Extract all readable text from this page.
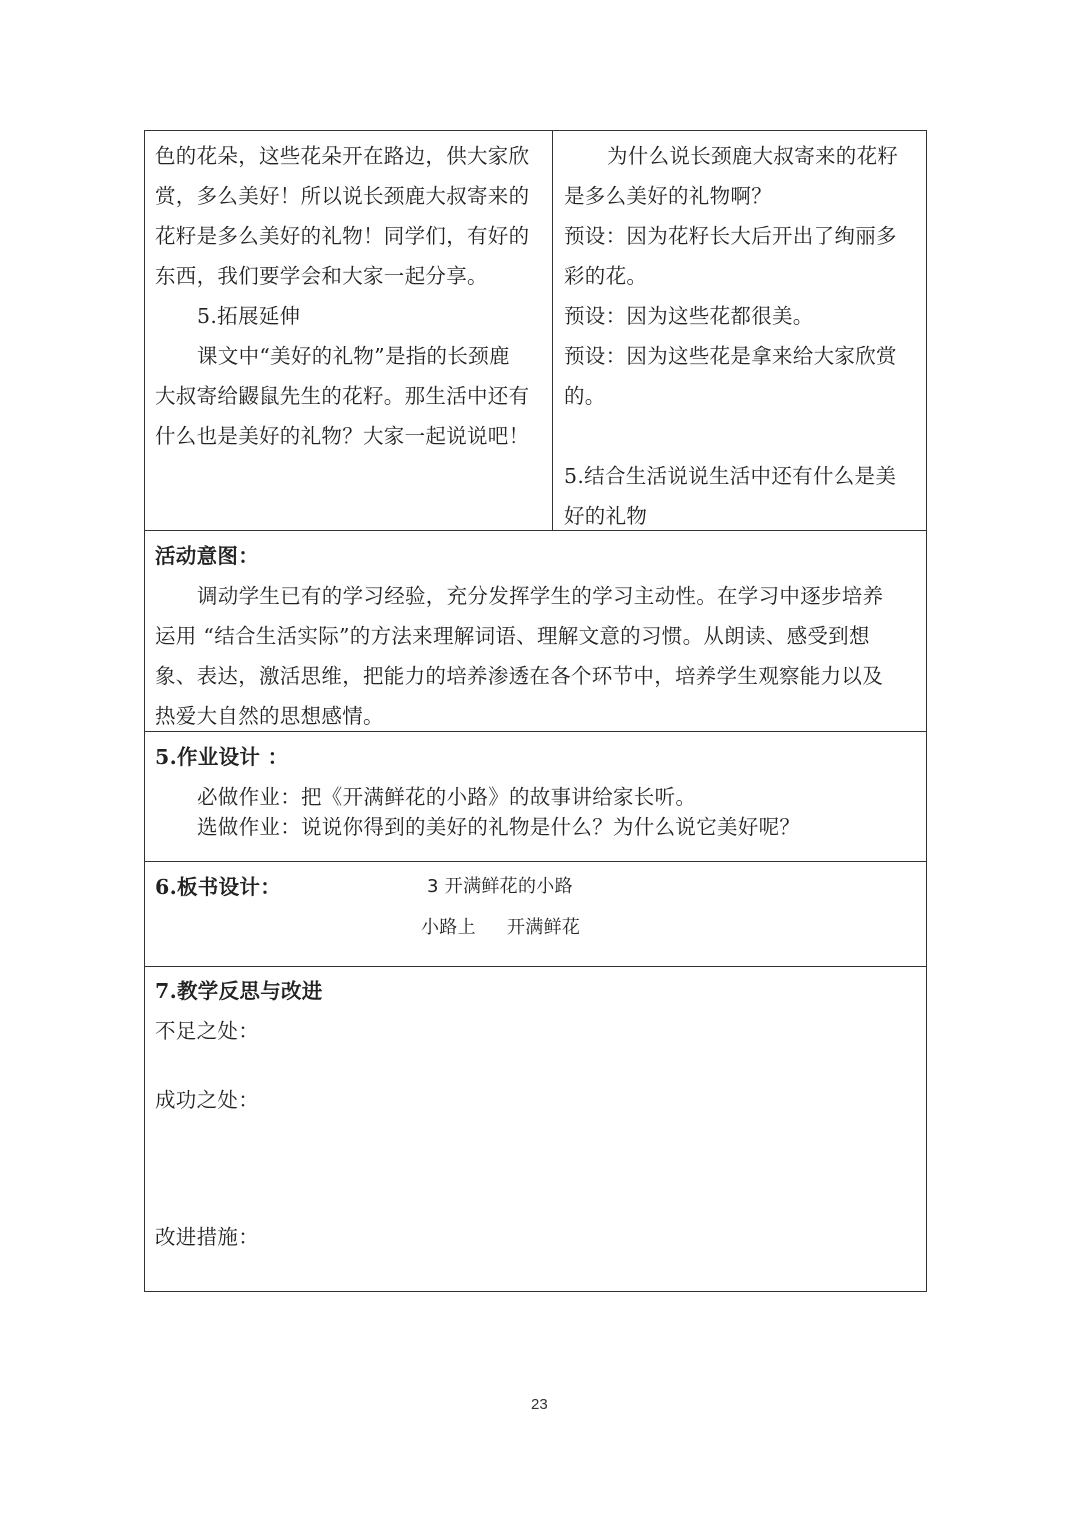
色的花朵，这些花朵开在路边，供大家欣
赏，多么美好！所以说长颈鹿大叔寄来的
花籽是多么美好的礼物！同学们，有好的
东西，我们要学会和大家一起分享。
5.拓展延伸
课文中“美好的礼物”是指的长颈鹿
大叔寄给鼹鼠先生的花籽。那生活中还有
什么也是美好的礼物？大家一起说说吧！
为什么说长颈鹿大叔寄来的花籽
是多么美好的礼物啊？
预设：因为花籽长大后开出了绚丽多
彩的花。
预设：因为这些花都很美。
预设：因为这些花是拿来给大家欣赏
的。
5.结合生活说说生活中还有什么是美
好的礼物
活动意图：
调动学生已有的学习经验，充分发挥学生的学习主动性。在学习中逐步培养
运用 “结合生活实际”的方法来理解词语、理解文意的习惯。从朗读、感受到想
象、表达，激活思维，把能力的培养渗透在各个环节中，培养学生观察能力以及
热爱大自然的思想感情。
5.作业设计 ：
必做作业：把《开满鲜花的小路》的故事讲给家长听。
选做作业：说说你得到的美好的礼物是什么？为什么说它美好呢？
6.板书设计：	3 开满鲜花的小路
小路上 开满鲜花
7.教学反思与改进
不足之处：
成功之处：
改进措施：
23
